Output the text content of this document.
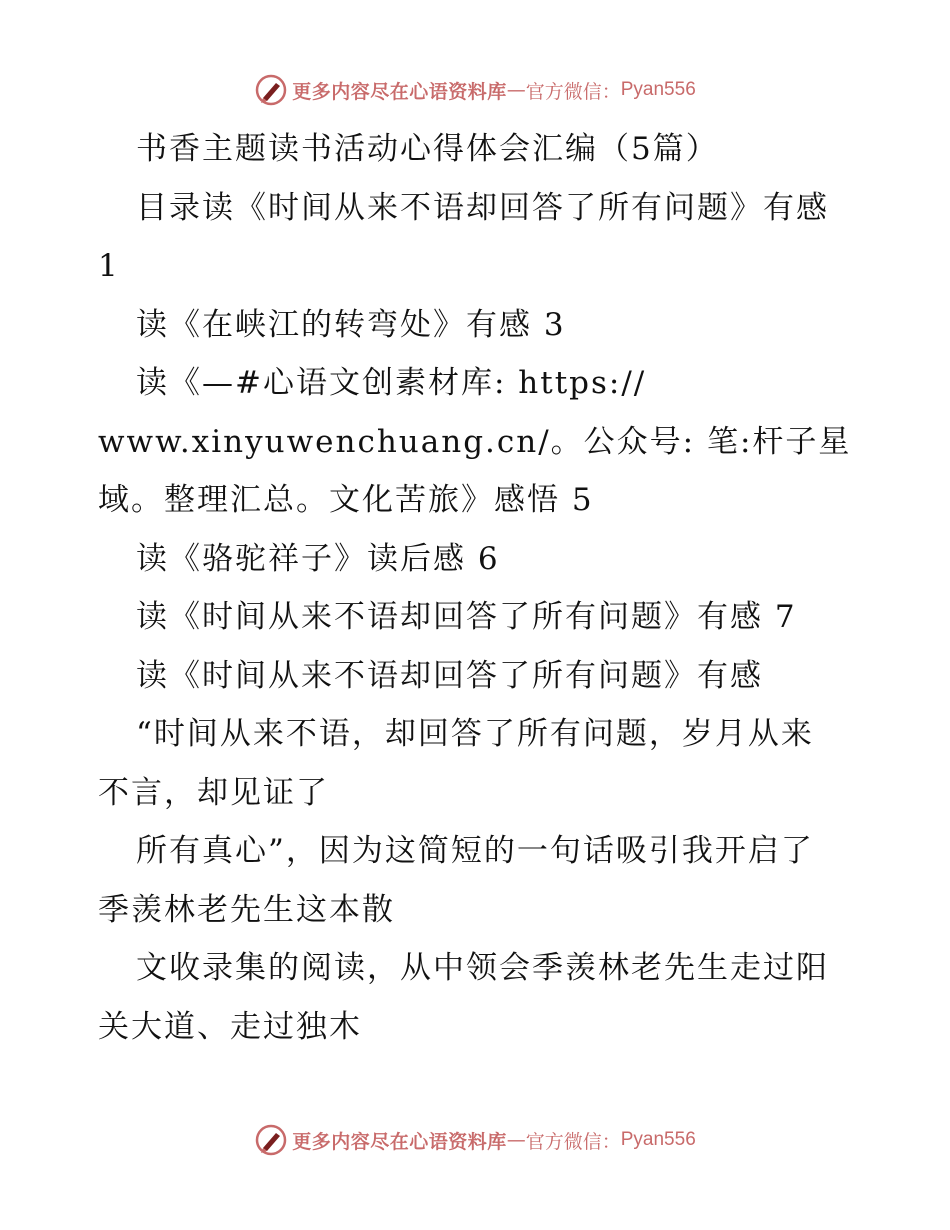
更多内容尽在心语资料库 — 官方微信： Pyan556
书香主题读书活动心得体会汇编（5篇）
目录读《时间从来不语却回答了所有问题》有感
1
读《在峡江的转弯处》有感 3
读《—#心语文创素材库: https://
www.xinyuwenchuang.cn/。公众号: 笔:杆子星
域。整理汇总。文化苦旅》感悟 5
读《骆驼祥子》读后感 6
读《时间从来不语却回答了所有问题》有感 7
读《时间从来不语却回答了所有问题》有感
“时间从来不语，却回答了所有问题，岁月从来
不言，却见证了
所有真心”，因为这简短的一句话吸引我开启了
季羡林老先生这本散
文收录集的阅读，从中领会季羡林老先生走过阳
关大道、走过独木
更多内容尽在心语资料库 — 官方微信： Pyan556
